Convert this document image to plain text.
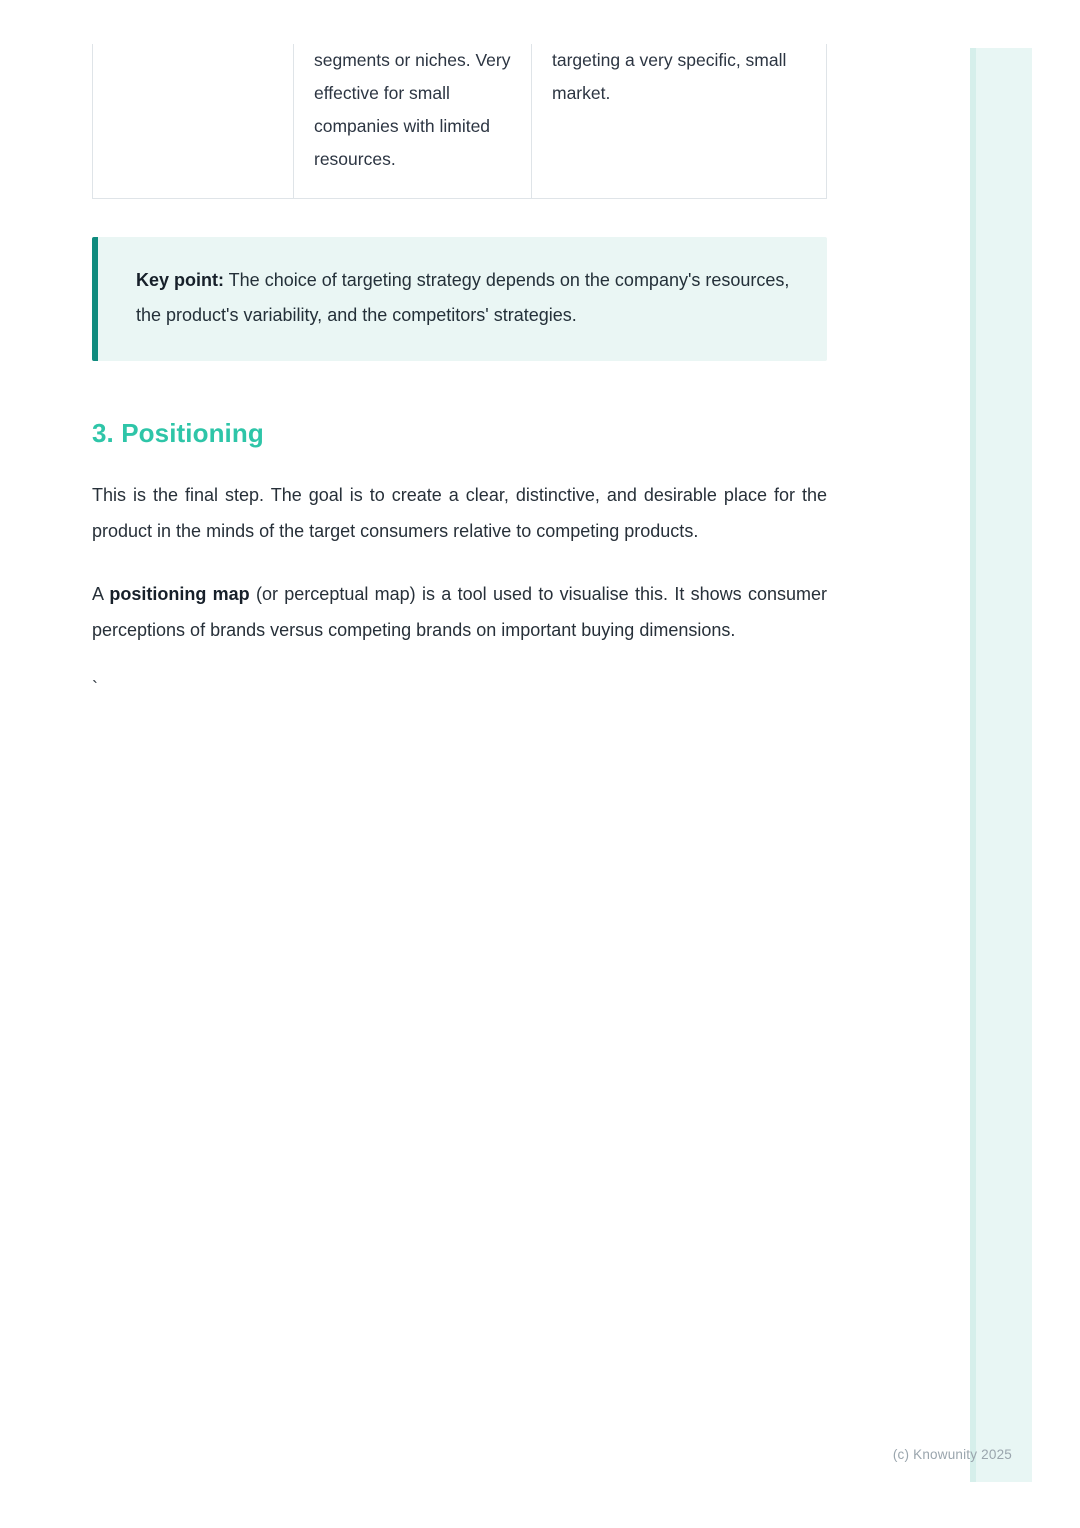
segments or niches. Very effective for small companies with limited resources.
targeting a very specific, small market.

Key point: The choice of targeting strategy depends on the company's resources, the product's variability, and the competitors' strategies.

3. Positioning

This is the final step. The goal is to create a clear, distinctive, and desirable place for the product in the minds of the target consumers relative to competing products.

A positioning map (or perceptual map) is a tool used to visualise this. It shows consumer perceptions of brands versus competing brands on important buying dimensions.

`

(c) Knowunity 2025
